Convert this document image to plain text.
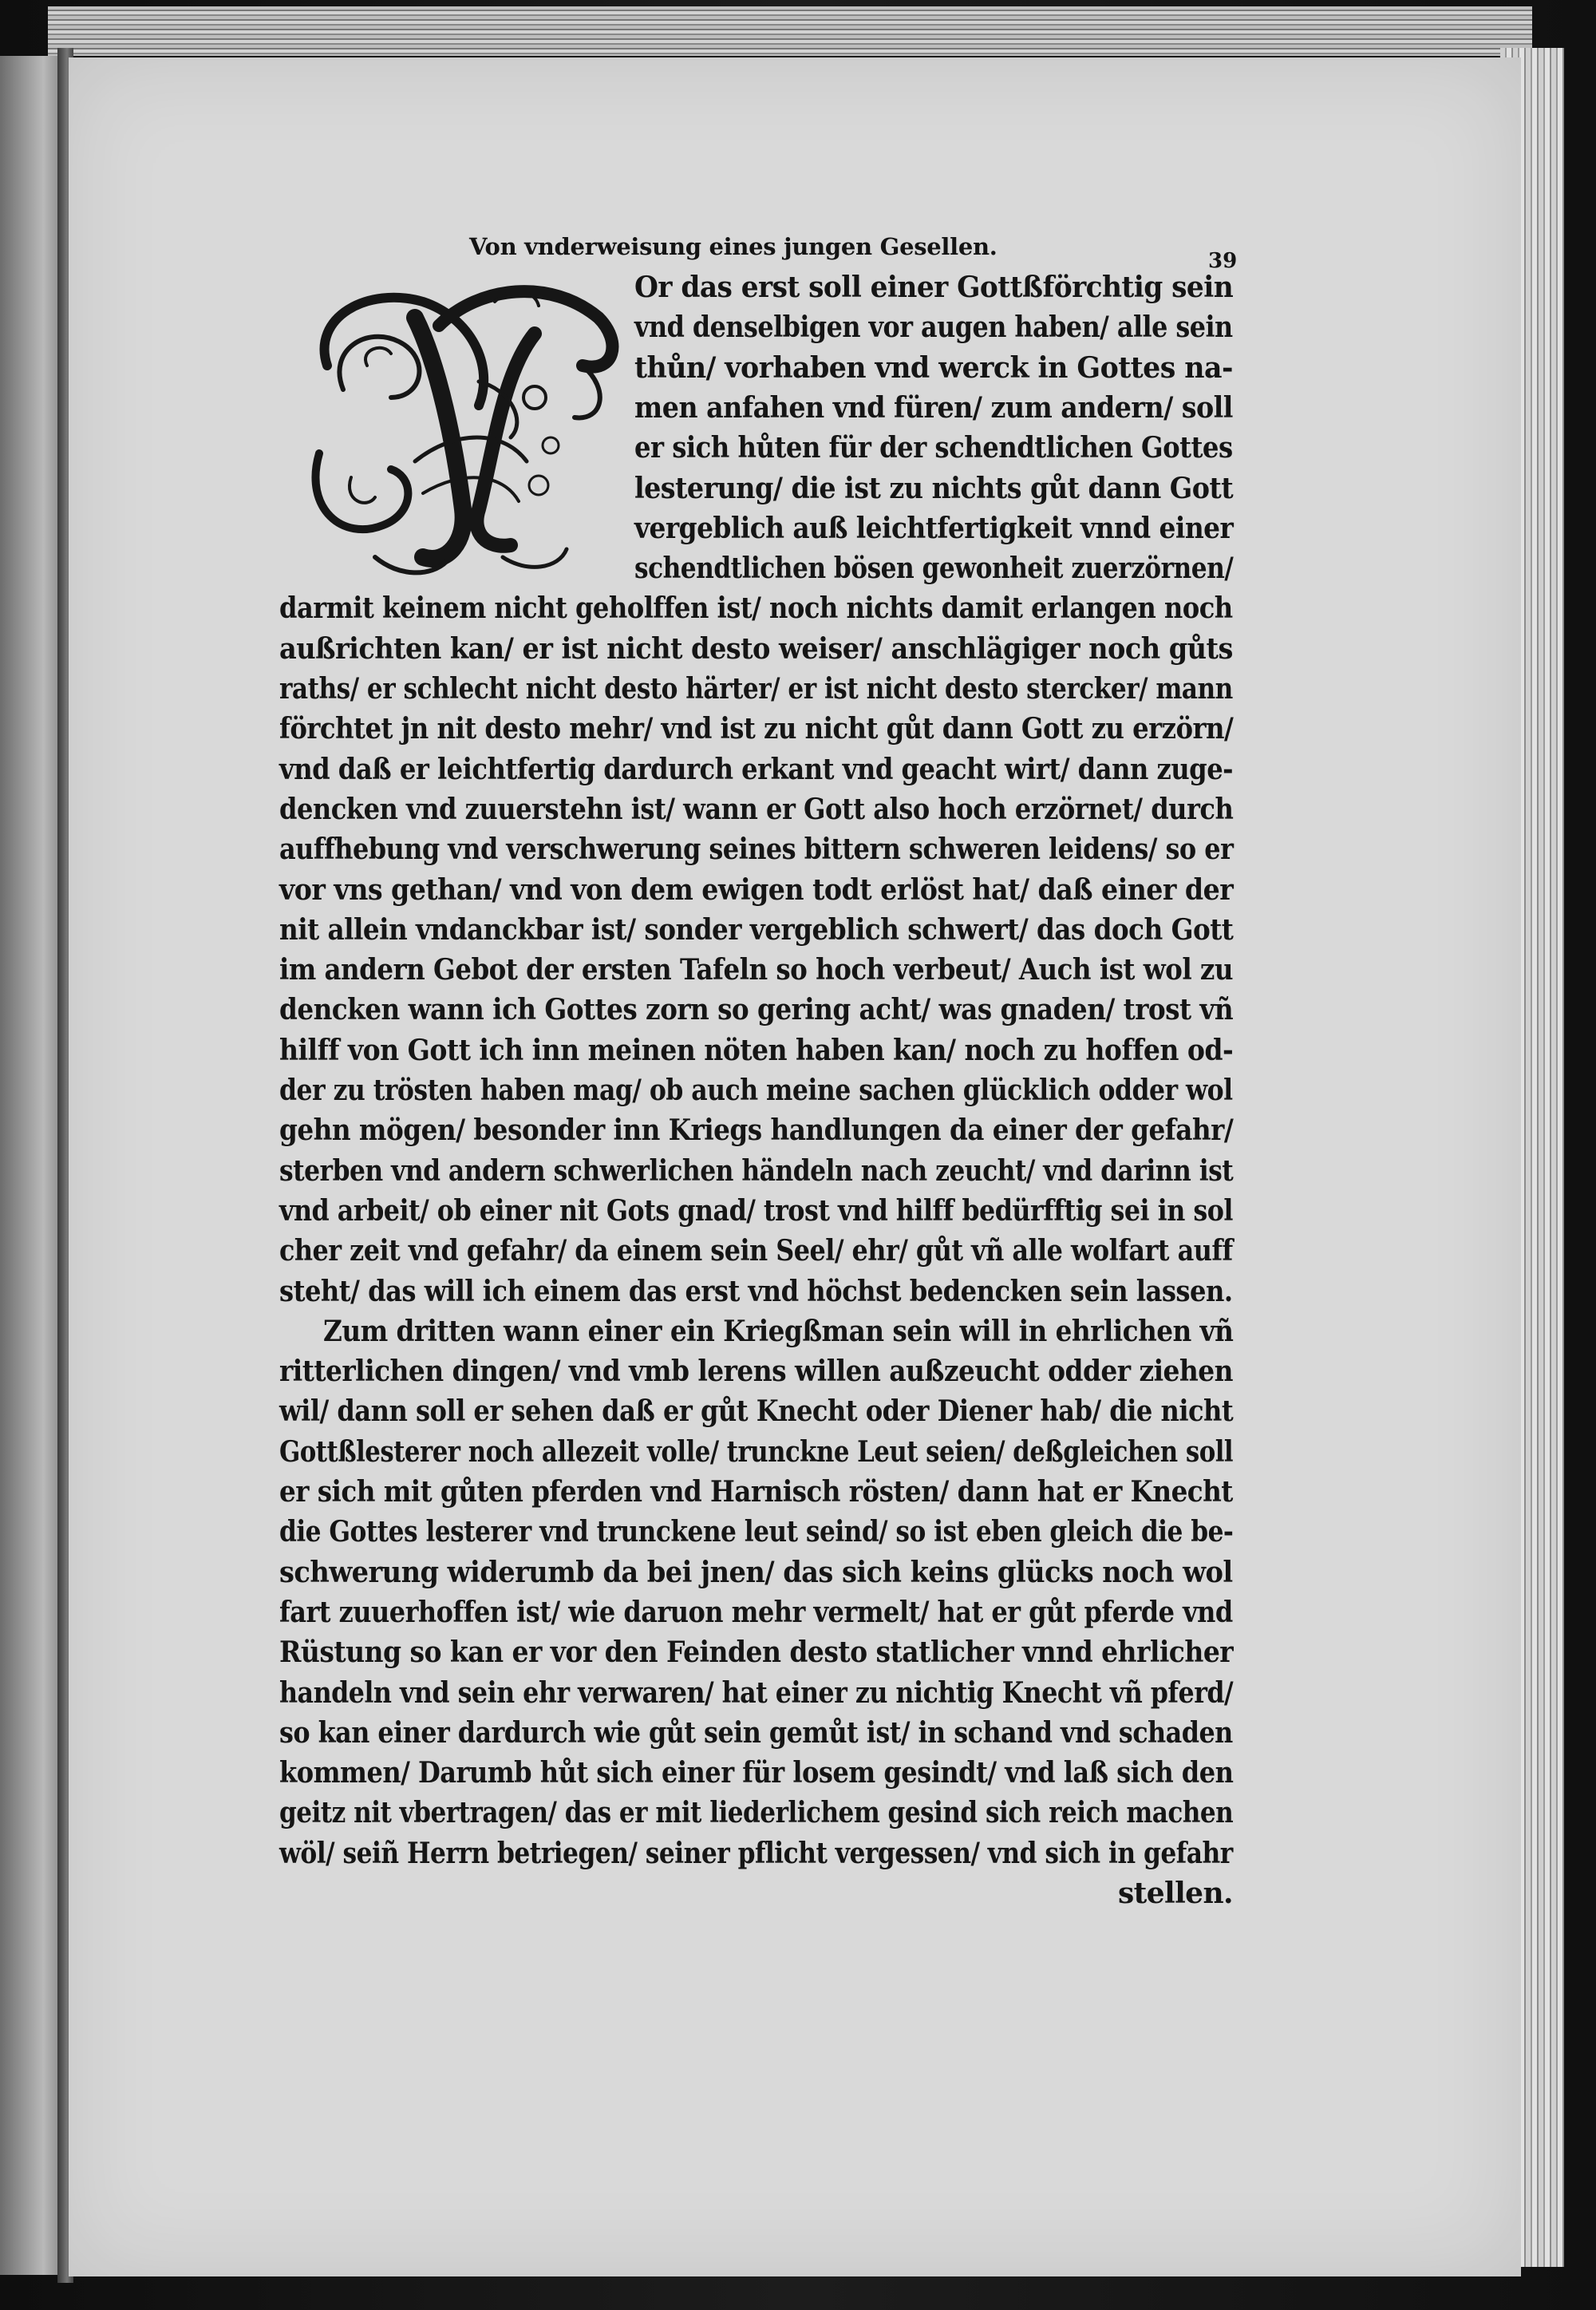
Von vnderweisung eines jungen Gesellen.
39
V
Or das erst soll einer Gottßförchtig sein
vnd denselbigen vor augen haben/ alle sein
thůn/ vorhaben vnd werck in Gottes na-
men anfahen vnd füren/ zum andern/ soll
er sich hůten für der schendtlichen Gottes
lesterung/ die ist zu nichts gůt dann Gott
vergeblich auß leichtfertigkeit vnnd einer
schendtlichen bösen gewonheit zuerzörnen/
darmit keinem nicht geholffen ist/ noch nichts damit erlangen noch
außrichten kan/ er ist nicht desto weiser/ anschlägiger noch gůts
raths/ er schlecht nicht desto härter/ er ist nicht desto stercker/ mann
förchtet jn nit desto mehr/ vnd ist zu nicht gůt dann Gott zu erzörn/
vnd daß er leichtfertig dardurch erkant vnd geacht wirt/ dann zuge-
dencken vnd zuuerstehn ist/ wann er Gott also hoch erzörnet/ durch
auffhebung vnd verschwerung seines bittern schweren leidens/ so er
vor vns gethan/ vnd von dem ewigen todt erlöst hat/ daß einer der
nit allein vndanckbar ist/ sonder vergeblich schwert/ das doch Gott
im andern Gebot der ersten Tafeln so hoch verbeut/ Auch ist wol zu
dencken wann ich Gottes zorn so gering acht/ was gnaden/ trost vñ
hilff von Gott ich inn meinen nöten haben kan/ noch zu hoffen od-
der zu trösten haben mag/ ob auch meine sachen glücklich odder wol
gehn mögen/ besonder inn Kriegs handlungen da einer der gefahr/
sterben vnd andern schwerlichen händeln nach zeucht/ vnd darinn ist
vnd arbeit/ ob einer nit Gots gnad/ trost vnd hilff bedürfftig sei in sol
cher zeit vnd gefahr/ da einem sein Seel/ ehr/ gůt vñ alle wolfart auff
steht/ das will ich einem das erst vnd höchst bedencken sein lassen.
Zum dritten wann einer ein Kriegßman sein will in ehrlichen vñ
ritterlichen dingen/ vnd vmb lerens willen außzeucht odder ziehen
wil/ dann soll er sehen daß er gůt Knecht oder Diener hab/ die nicht
Gottßlesterer noch allezeit volle/ trunckne Leut seien/ deßgleichen soll
er sich mit gůten pferden vnd Harnisch rösten/ dann hat er Knecht
die Gottes lesterer vnd trunckene leut seind/ so ist eben gleich die be-
schwerung widerumb da bei jnen/ das sich keins glücks noch wol
fart zuuerhoffen ist/ wie daruon mehr vermelt/ hat er gůt pferde vnd
Rüstung so kan er vor den Feinden desto statlicher vnnd ehrlicher
handeln vnd sein ehr verwaren/ hat einer zu nichtig Knecht vñ pferd/
so kan einer dardurch wie gůt sein gemůt ist/ in schand vnd schaden
kommen/ Darumb hůt sich einer für losem gesindt/ vnd laß sich den
geitz nit vbertragen/ das er mit liederlichem gesind sich reich machen
wöl/ seiñ Herrn betriegen/ seiner pflicht vergessen/ vnd sich in gefahr
stellen.
